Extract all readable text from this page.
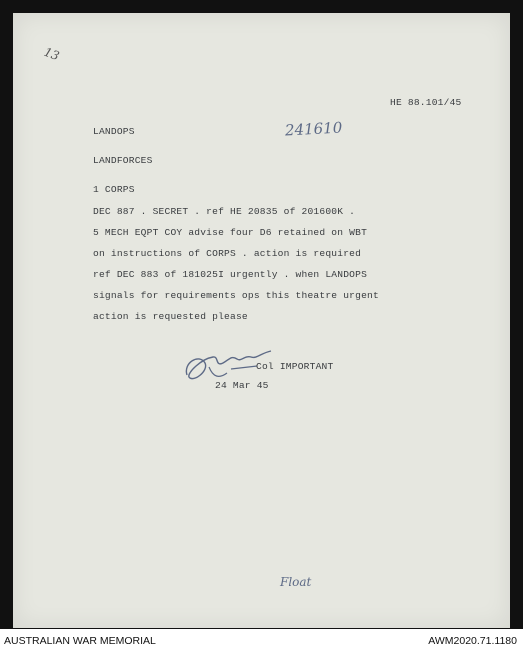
13
HE 88.101/45
LANDOPS	241610
LANDFORCES
1 CORPS
DEC 887 . SECRET . ref HE 20835 of 201600K .
5 MECH EQPT COY advise four D6 retained on WBT
on instructions of CORPS . action is required
ref DEC 883 of 181025I urgently . when LANDOPS
signals for requirements ops this theatre urgent
action is requested please
Col IMPORTANT
24 Mar 45
Float
AUSTRALIAN WAR MEMORIAL	AWM2020.71.1180
